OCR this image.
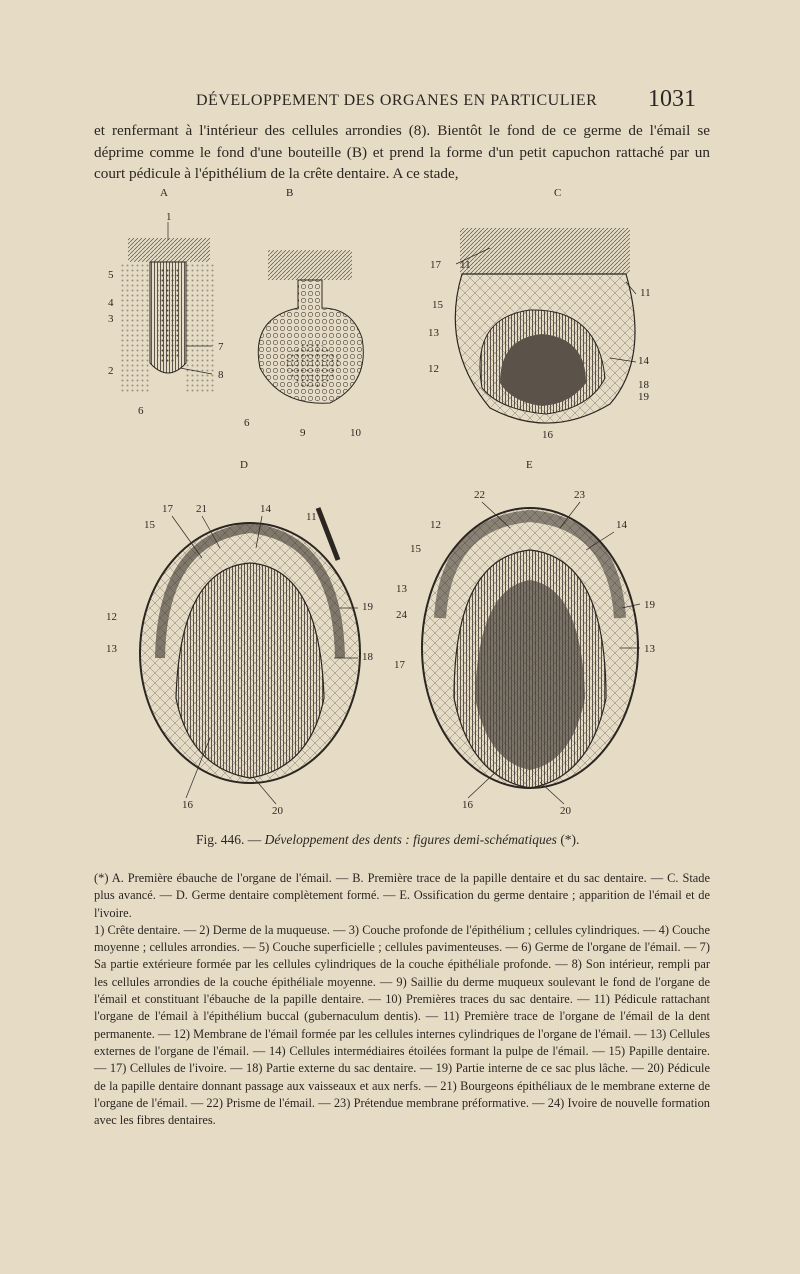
DÉVELOPPEMENT DES ORGANES EN PARTICULIER	1031

et renfermant à l'intérieur des cellules arrondies (8). Bientôt le fond de ce germe de l'émail se déprime comme le fond d'une bouteille (B) et prend la forme d'un petit capuchon rattaché par un court pédicule à l'épithélium de la crête dentaire. A ce stade,

A
1
5
4
3
2
6
7
8
B
6
9	10
C
17 11
11
15
13
12
14
18
19
16
D
17 21	14
11
15
12
13
19
18
16	20
E
22	23
12
15
13
24
17
14
19
13
16	20
Fig. 446. — Développement des dents : figures demi-schématiques (*).

(*) A. Première ébauche de l'organe de l'émail. — B. Première trace de la papille dentaire et du sac dentaire. — C. Stade plus avancé. — D. Germe dentaire complètement formé. — E. Ossification du germe dentaire ; apparition de l'émail et de l'ivoire.

1) Crête dentaire. — 2) Derme de la muqueuse. — 3) Couche profonde de l'épithélium ; cellules cylindriques. — 4) Couche moyenne ; cellules arrondies. — 5) Couche superficielle ; cellules pavimenteuses. — 6) Germe de l'organe de l'émail. — 7) Sa partie extérieure formée par les cellules cylindriques de la couche épithéliale profonde. — 8) Son intérieur, rempli par les cellules arrondies de la couche épithéliale moyenne. — 9) Saillie du derme muqueux soulevant le fond de l'organe de l'émail et constituant l'ébauche de la papille dentaire. — 10) Premières traces du sac dentaire. — 11) Pédicule rattachant l'organe de l'émail à l'épithélium buccal (gubernaculum dentis). — 11) Première trace de l'organe de l'émail de la dent permanente. — 12) Membrane de l'émail formée par les cellules internes cylindriques de l'organe de l'émail. — 13) Cellules externes de l'organe de l'émail. — 14) Cellules intermédiaires étoilées formant la pulpe de l'émail. — 15) Papille dentaire. — 17) Cellules de l'ivoire. — 18) Partie externe du sac dentaire. — 19) Partie interne de ce sac plus lâche. — 20) Pédicule de la papille dentaire donnant passage aux vaisseaux et aux nerfs. — 21) Bourgeons épithéliaux de le membrane externe de l'organe de l'émail. — 22) Prisme de l'émail. — 23) Prétendue membrane préformative. — 24) Ivoire de nouvelle formation avec les fibres dentaires.
